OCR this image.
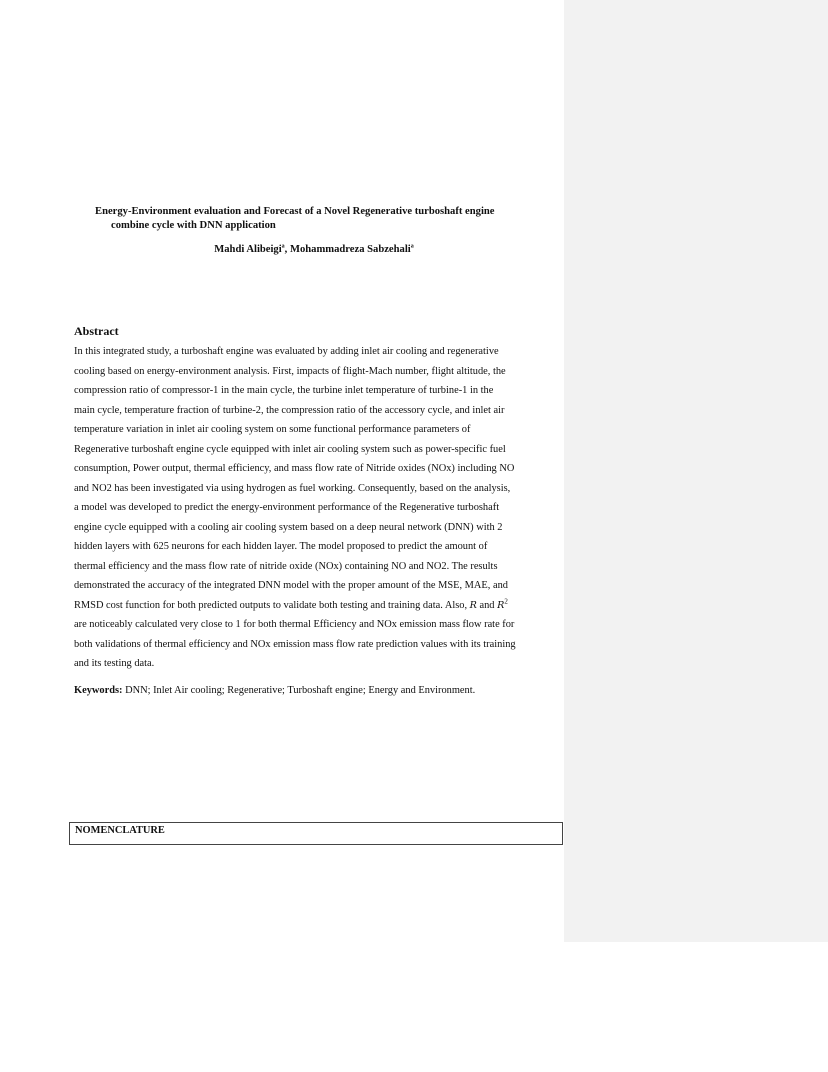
Energy-Environment evaluation and Forecast of a Novel Regenerative turboshaft engine
combine cycle with DNN application
Mahdi Alibeigi$^a$, Mohammadreza Sabzehali$^a$
Abstract
In this integrated study, a turboshaft engine was evaluated by adding inlet air cooling and regenerative
cooling based on energy-environment analysis. First, impacts of flight-Mach number, flight altitude, the
compression ratio of compressor-1 in the main cycle, the turbine inlet temperature of turbine-1 in the
main cycle, temperature fraction of turbine-2, the compression ratio of the accessory cycle, and inlet air
temperature variation in inlet air cooling system on some functional performance parameters of
Regenerative turboshaft engine cycle equipped with inlet air cooling system such as power-specific fuel
consumption, Power output, thermal efficiency, and mass flow rate of Nitride oxides (NOx) including NO
and NO2 has been investigated via using hydrogen as fuel working. Consequently, based on the analysis,
a model was developed to predict the energy-environment performance of the Regenerative turboshaft
engine cycle equipped with a cooling air cooling system based on a deep neural network (DNN) with 2
hidden layers with 625 neurons for each hidden layer. The model proposed to predict the amount of
thermal efficiency and the mass flow rate of nitride oxide (NOx) containing NO and NO2. The results
demonstrated the accuracy of the integrated DNN model with the proper amount of the MSE, MAE, and
RMSD cost function for both predicted outputs to validate both testing and training data. Also, R and $R^2$
are noticeably calculated very close to 1 for both thermal Efficiency and NOx emission mass flow rate for
both validations of thermal efficiency and NOx emission mass flow rate prediction values with its training
and its testing data.
Keywords: DNN; Inlet Air cooling; Regenerative; Turboshaft engine; Energy and Environment.
NOMENCLATURE
